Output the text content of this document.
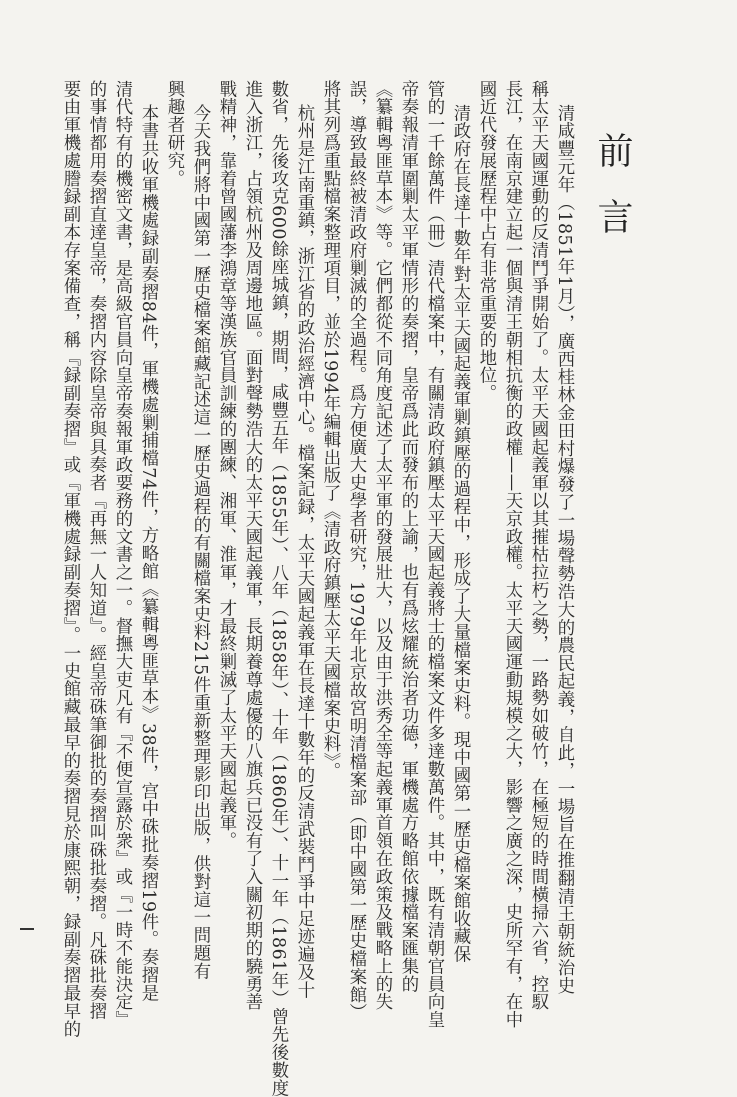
前言
清咸豐元年（1851年1月），廣西桂林金田村爆發了一場聲勢浩大的農民起義，自此，一場旨在推翻清王朝統治史
稱太平天國運動的反清鬥爭開始了。太平天國起義軍以其摧枯拉朽之勢，一路勢如破竹，在極短的時間橫掃六省，控馭
長江，在南京建立起一個與清王朝相抗衡的政權——天京政權。太平天國運動規模之大，影響之廣之深，史所罕有，在中
國近代發展歷程中占有非常重要的地位。
清政府在長達十數年對太平天國起義軍剿鎮壓的過程中，形成了大量檔案史料。現中國第一歷史檔案館收藏保
管的一千餘萬件（冊）清代檔案中，有關清政府鎮壓太平天國起義將士的檔案文件多達數萬件。其中，既有清朝官員向皇
帝奏報清軍圍剿太平軍情形的奏摺，皇帝爲此而發布的上諭，也有爲炫耀統治者功德，軍機處方略館依據檔案匯集的
《纂輯粵匪草本》等。它們都從不同角度記述了太平軍的發展壯大，以及由于洪秀全等起義軍首領在政策及戰略上的失
誤，導致最終被清政府剿滅的全過程。爲方便廣大史學者研究，1979年北京故宮明清檔案部（即中國第一歷史檔案館）
將其列爲重點檔案整理項目，並於1994年編輯出版了《清政府鎮壓太平天國檔案史料》。
杭州是江南重鎮，浙江省的政治經濟中心。檔案記録，太平天國起義軍在長達十數年的反清武裝鬥爭中足迹遍及十
數省，先後攻克600餘座城鎮，期間，咸豐五年（1855年）、八年（1858年）、十年（1860年）、十一年（1861年）曾先後數度
進入浙江，占領杭州及周邊地區。面對聲勢浩大的太平天國起義軍，長期養尊處優的八旗兵已没有了入關初期的驍勇善
戰精神，靠着曾國藩李鴻章等漢族官員訓練的團練、湘軍、淮軍，才最終剿滅了太平天國起義軍。
今天我們將中國第一歷史檔案館藏記述這一歷史過程的有關檔案史料215件重新整理影印出版，供對這一問題有
興趣者研究。
本書共收軍機處録副奏摺84件，軍機處剿捕檔74件，方略館《纂輯粵匪草本》38件，宫中硃批奏摺19件。奏摺是
清代特有的機密文書，是高級官員向皇帝奏報軍政要務的文書之一。督撫大吏凡有『不便宣露於衆』或『一時不能決定』
的事情都用奏摺直達皇帝，奏摺内容除皇帝與具奏者『再無一人知道』。經皇帝硃筆御批的奏摺叫硃批奏摺。凡硃批奏摺
要由軍機處謄録副本存案備查，稱『録副奏摺』或『軍機處録副奏摺』。一史館藏最早的奏摺見於康熙朝，録副奏摺最早的
